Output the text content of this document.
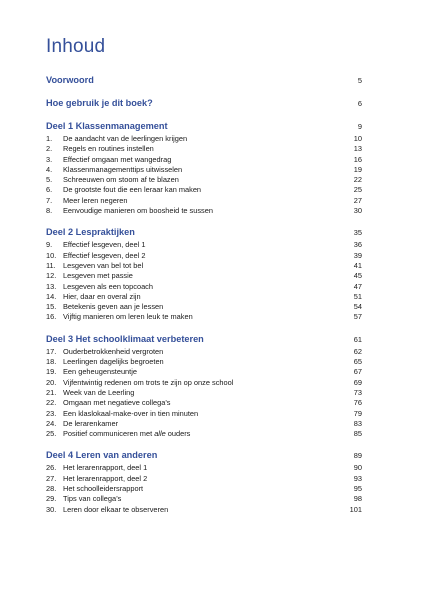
Inhoud
Voorwoord	5
Hoe gebruik je dit boek?	6
Deel 1 Klassenmanagement	9
1. De aandacht van de leerlingen krijgen	10
2. Regels en routines instellen	13
3. Effectief omgaan met wangedrag	16
4. Klassenmanagementtips uitwisselen	19
5. Schreeuwen om stoom af te blazen	22
6. De grootste fout die een leraar kan maken	25
7. Meer leren negeren	27
8. Eenvoudige manieren om boosheid te sussen	30
Deel 2 Lespraktijken	35
9. Effectief lesgeven, deel 1	36
10. Effectief lesgeven, deel 2	39
11. Lesgeven van bel tot bel	41
12. Lesgeven met passie	45
13. Lesgeven als een topcoach	47
14. Hier, daar en overal zijn	51
15. Betekenis geven aan je lessen	54
16. Vijftig manieren om leren leuk te maken	57
Deel 3 Het schoolklimaat verbeteren	61
17. Ouderbetrokkenheid vergroten	62
18. Leerlingen dagelijks begroeten	65
19. Een geheugensteuntje	67
20. Vijfentwintig redenen om trots te zijn op onze school	69
21. Week van de Leerling	73
22. Omgaan met negatieve collega’s	76
23. Een klaslokaal-make-over in tien minuten	79
24. De lerarenkamer	83
25. Positief communiceren met alle ouders	85
Deel 4 Leren van anderen	89
26. Het lerarenrapport, deel 1	90
27. Het lerarenrapport, deel 2	93
28. Het schoolleidersrapport	95
29. Tips van collega’s	98
30. Leren door elkaar te observeren	101
